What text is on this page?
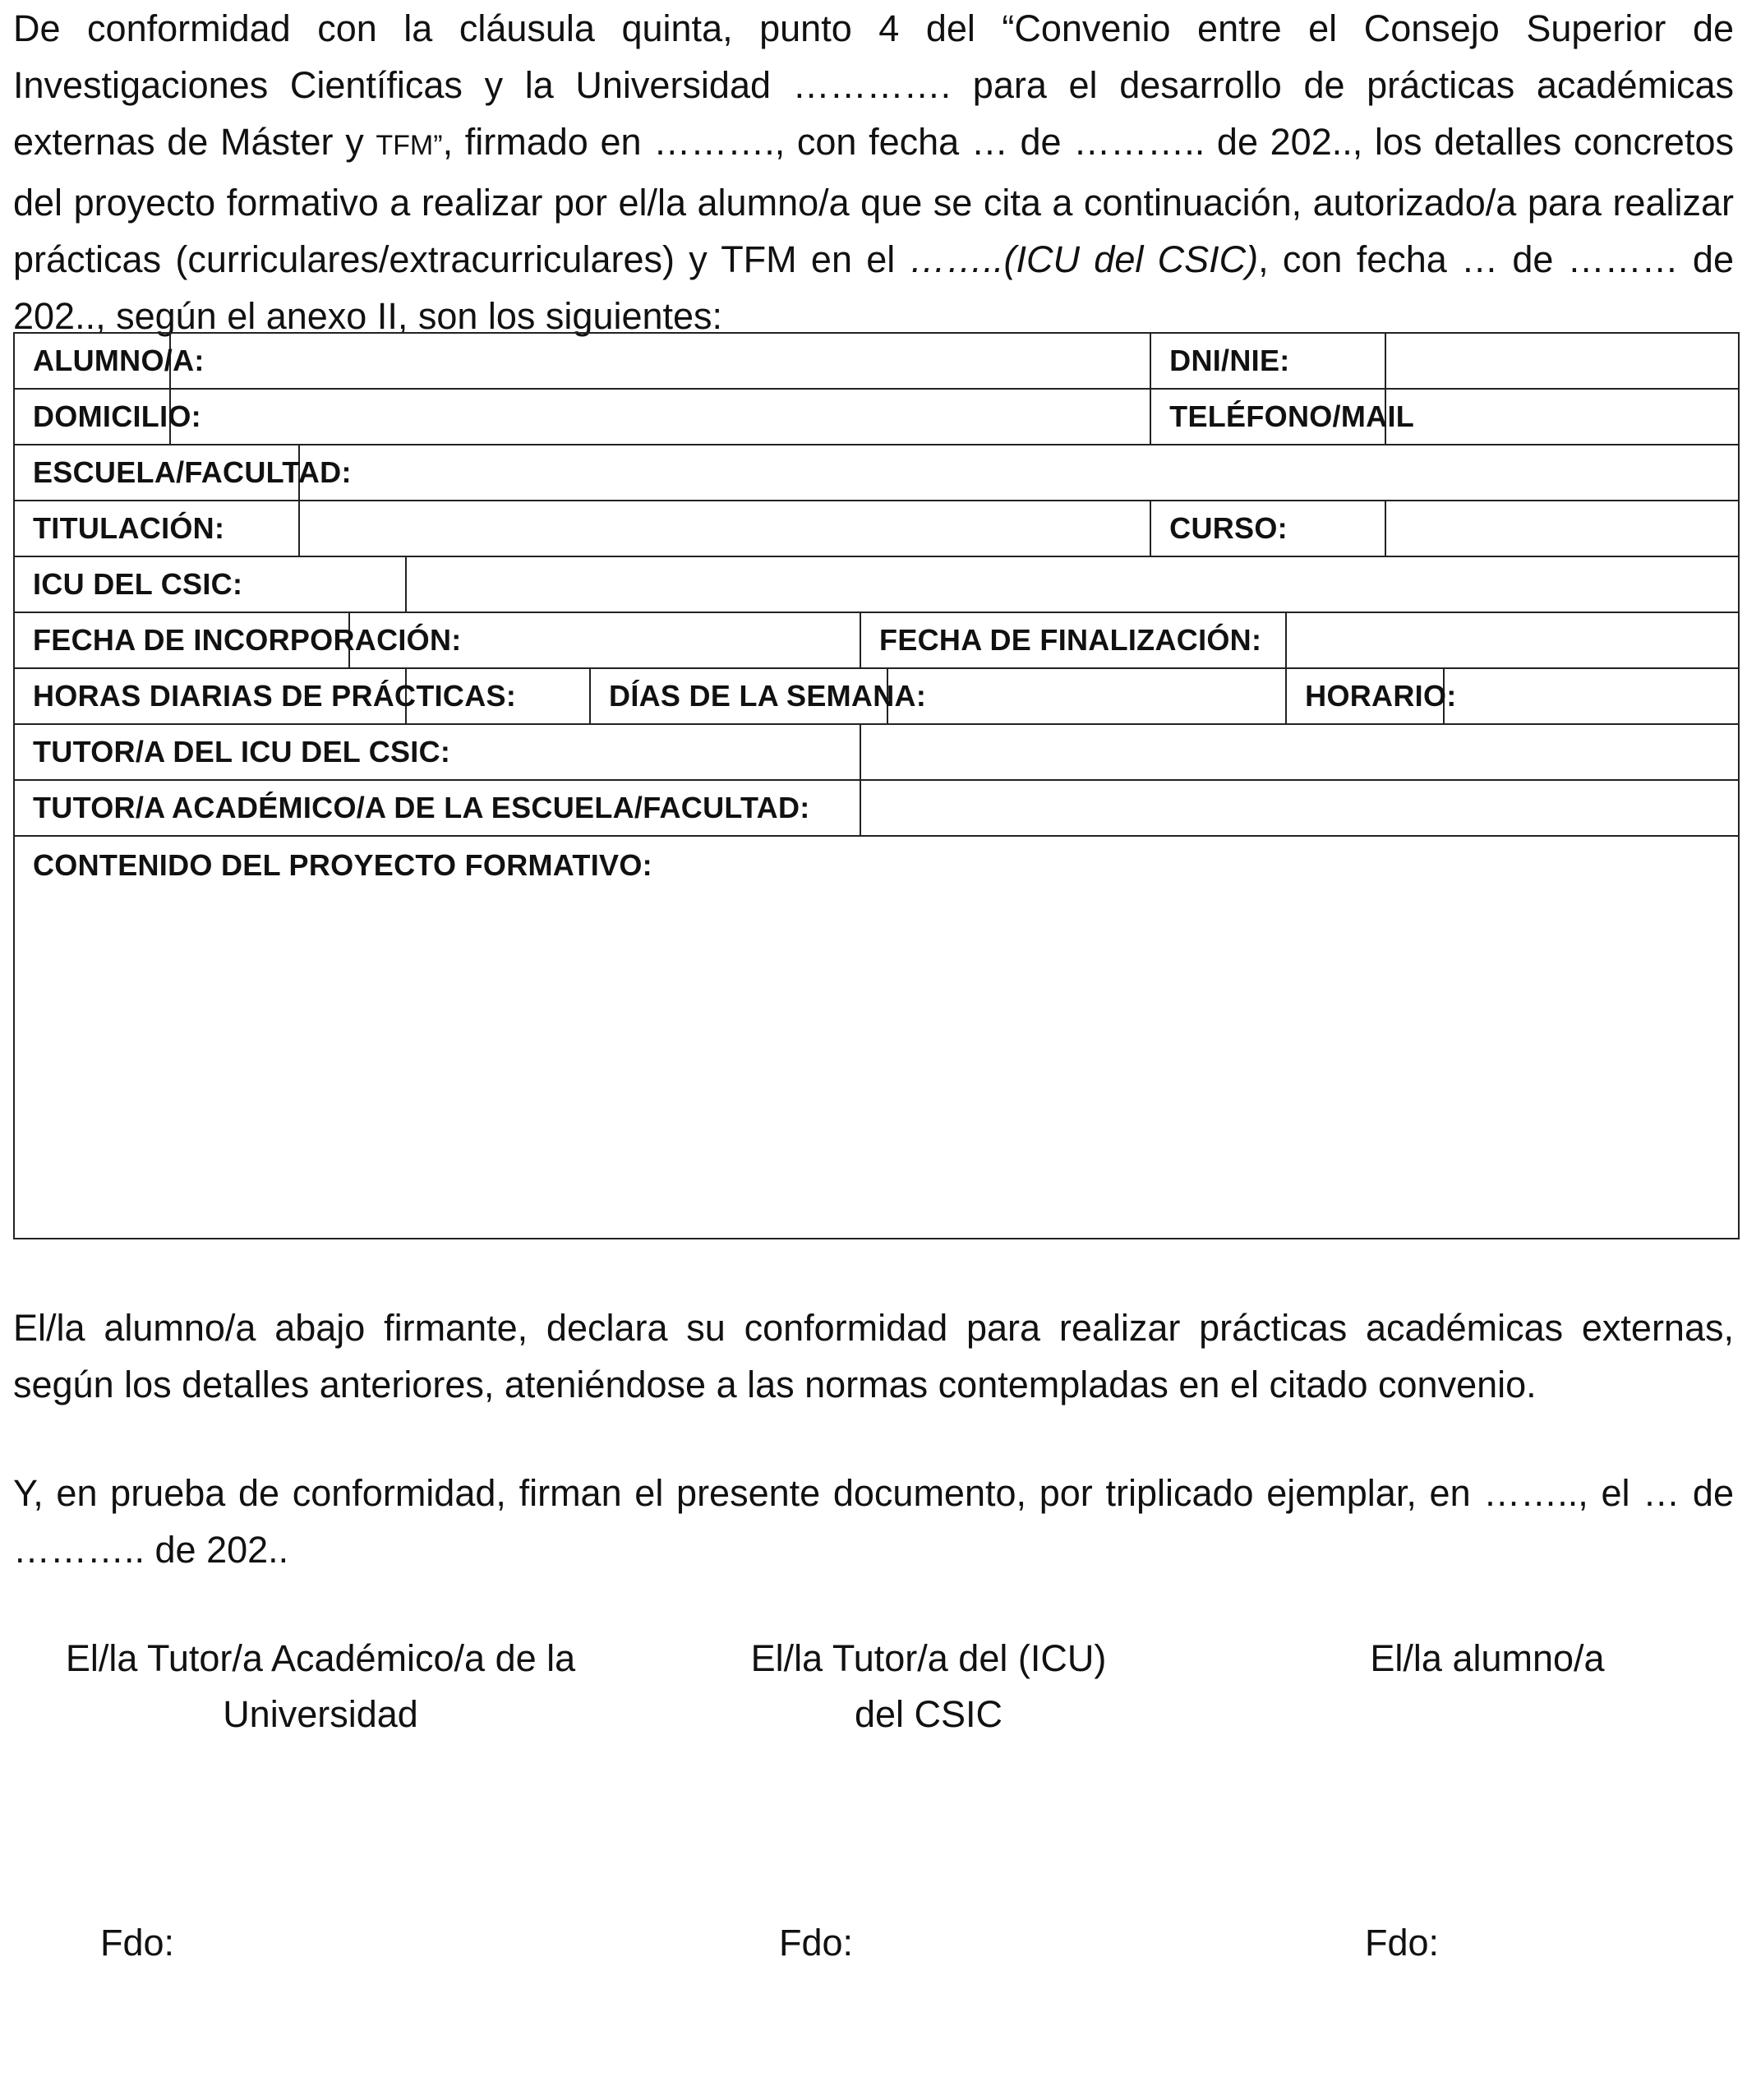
De conformidad con la cláusula quinta, punto 4 del “Convenio entre el Consejo Superior de Investigaciones Científicas y la Universidad …………. para el desarrollo de prácticas académicas externas de Máster y TFM”, firmado en ………., con fecha … de ……….. de 202.., los detalles concretos del proyecto formativo a realizar por el/la alumno/a que se cita a continuación, autorizado/a para realizar prácticas (curriculares/extracurriculares) y TFM en el ……..(ICU del CSIC), con fecha … de ……… de 202.., según el anexo II, son los siguientes:

ALUMNO/A:								DNI/NIE:			
DOMICILIO:								TELÉFONO/MAIL			
ESCUELA/FACULTAD:											
TITULACIÓN:								CURSO:			
ICU DEL CSIC:											
FECHA DE INCORPORACIÓN:						FECHA DE FINALIZACIÓN:					
HORAS DIARIAS DE PRÁCTICAS:					DÍAS DE LA SEMANA:				HORARIO:		
TUTOR/A DEL ICU DEL CSIC:											
TUTOR/A ACADÉMICO/A DE LA ESCUELA/FACULTAD:											
CONTENIDO DEL PROYECTO FORMATIVO:											

El/la alumno/a abajo firmante, declara su conformidad para realizar prácticas académicas externas, según los detalles anteriores, ateniéndose a las normas contempladas en el citado convenio.

Y, en prueba de conformidad, firman el presente documento, por triplicado ejemplar, en …….., el … de ……….. de 202..

El/la Tutor/a Académico/a de la
Universidad
El/la Tutor/a del (ICU)
del CSIC
El/la alumno/a
Fdo:	Fdo:	Fdo:
